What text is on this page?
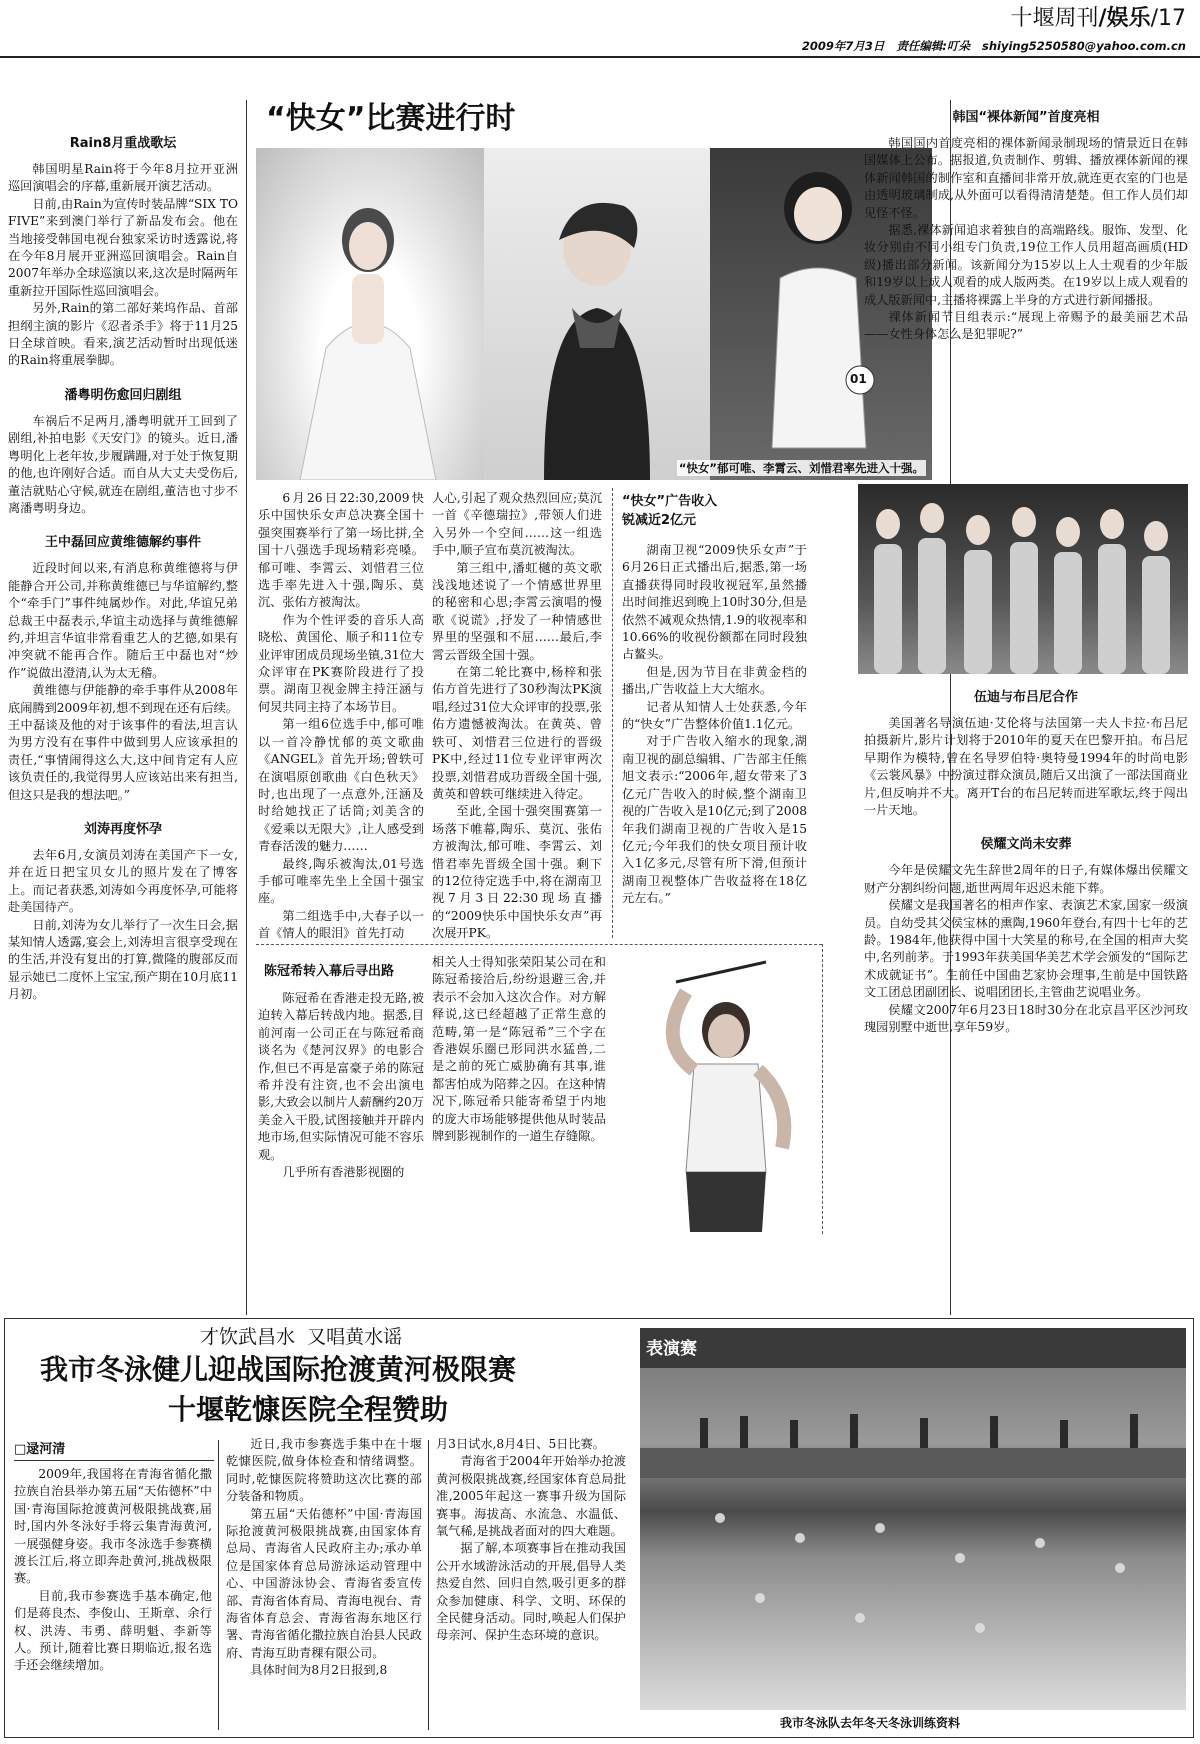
十堰周刊/娱乐/17
2009年7月3日 责任编辑:叮朵 shiying5250580@yahoo.com.cn
Rain8月重战歌坛

韩国明星Rain将于今年8月拉开亚洲巡回演唱会的序幕,重新展开演艺活动。

日前,由Rain为宣传时装品牌“SIX TO FIVE”来到澳门举行了新品发布会。他在当地接受韩国电视台独家采访时透露说,将在今年8月展开亚洲巡回演唱会。Rain自2007年举办全球巡演以来,这次是时隔两年重新拉开国际性巡回演唱会。

另外,Rain的第二部好莱坞作品、首部担纲主演的影片《忍者杀手》将于11月25日全球首映。看来,演艺活动暂时出现低迷的Rain将重展拳脚。

潘粤明伤愈回归剧组

车祸后不足两月,潘粤明就开工回到了剧组,补拍电影《天安门》的镜头。近日,潘粤明化上老年妆,步履蹒跚,对于处于恢复期的他,也许刚好合适。而自从大丈夫受伤后,董洁就贴心守候,就连在剧组,董洁也寸步不离潘粤明身边。

王中磊回应黄维德解约事件

近段时间以来,有消息称黄维德将与伊能静合开公司,并称黄维德已与华谊解约,整个“牵手门”事件纯属炒作。对此,华谊兄弟总裁王中磊表示,华谊主动选择与黄维德解约,并坦言华谊非常看重艺人的艺德,如果有冲突就不能再合作。随后王中磊也对“炒作”说做出澄清,认为太无稽。

黄维德与伊能静的牵手事件从2008年底闹腾到2009年初,想不到现在还有后续。王中磊谈及他的对于该事件的看法,坦言认为男方没有在事件中做到男人应该承担的责任,“事情闹得这么大,这中间肯定有人应该负责任的,我觉得男人应该站出来有担当,但这只是我的想法吧。”

刘涛再度怀孕

去年6月,女演员刘涛在美国产下一女,并在近日把宝贝女儿的照片发在了博客上。而记者获悉,刘涛如今再度怀孕,可能将赴美国待产。

日前,刘涛为女儿举行了一次生日会,据某知情人透露,宴会上,刘涛坦言很享受现在的生活,并没有复出的打算,微隆的腹部反而显示她已二度怀上宝宝,预产期在10月底11月初。

“快女”比赛进行时
01
“快女”郁可唯、李霄云、刘惜君率先进入十强。

6月26日22:30,2009快乐中国快乐女声总决赛全国十强突围赛举行了第一场比拼,全国十八强选手现场精彩亮嗓。郁可唯、李霄云、刘惜君三位选手率先进入十强,陶乐、莫沉、张佑方被淘汰。

作为个性评委的音乐人高晓松、黄国伦、顺子和11位专业评审团成员现场坐镇,31位大众评审在PK赛阶段进行了投票。湖南卫视金牌主持汪涵与何炅共同主持了本场节目。

第一组6位选手中,郁可唯以一首冷静忧郁的英文歌曲《ANGEL》首先开场;曾轶可在演唱原创歌曲《白色秋天》时,也出现了一点意外,汪涵及时给她找正了话筒;刘美含的《爱乘以无限大》,让人感受到青春活泼的魅力……

最终,陶乐被淘汰,01号选手郁可唯率先坐上全国十强宝座。

第二组选手中,大春子以一首《情人的眼泪》首先打动

人心,引起了观众热烈回应;莫沉一首《辛德瑞拉》,带领人们进入另外一个空间……这一组选手中,顺子宣布莫沉被淘汰。

第三组中,潘虹樾的英文歌浅浅地述说了一个情感世界里的秘密和心思;李霄云演唱的慢歌《说谎》,抒发了一种情感世界里的坚强和不屈……最后,李霄云晋级全国十强。

在第二轮比赛中,杨梓和张佑方首先进行了30秒淘汰PK演唱,经过31位大众评审的投票,张佑方遗憾被淘汰。在黄英、曾轶可、刘惜君三位进行的晋级PK中,经过11位专业评审两次投票,刘惜君成功晋级全国十强,黄英和曾轶可继续进入待定。

至此,全国十强突围赛第一场落下帷幕,陶乐、莫沉、张佑方被淘汰,郁可唯、李霄云、刘惜君率先晋级全国十强。剩下的12位待定选手中,将在湖南卫视7月3日22:30现场直播的“2009快乐中国快乐女声”再次展开PK。

“快女”广告收入
锐减近2亿元

湖南卫视“2009快乐女声”于6月26日正式播出后,据悉,第一场直播获得同时段收视冠军,虽然播出时间推迟到晚上10时30分,但是依然不减观众热情,1.9的收视率和10.66%的收视份额都在同时段独占鳌头。

但是,因为节目在非黄金档的播出,广告收益上大大缩水。

记者从知情人士处获悉,今年的“快女”广告整体价值1.1亿元。

对于广告收入缩水的现象,湖南卫视的副总编辑、广告部主任熊旭文表示:“2006年,超女带来了3亿元广告收入的时候,整个湖南卫视的广告收入是10亿元;到了2008年我们湖南卫视的广告收入是15亿元;今年我们的快女项目预计收入1亿多元,尽管有所下滑,但预计湖南卫视整体广告收益将在18亿元左右。”

陈冠希转入幕后寻出路

陈冠希在香港走投无路,被迫转入幕后转战内地。据悉,目前河南一公司正在与陈冠希商谈名为《楚河汉界》的电影合作,但已不再是富豪子弟的陈冠希并没有注资,也不会出演电影,大致会以制片人薪酬约20万美金入干股,试图接触并开辟内地市场,但实际情况可能不容乐观。

几乎所有香港影视圈的

相关人士得知张荣阳某公司在和陈冠希接洽后,纷纷退避三舍,并表示不会加入这次合作。对方解释说,这已经超越了正常生意的范畴,第一是“陈冠希”三个字在香港娱乐圈已形同洪水猛兽,二是之前的死亡威胁确有其事,谁都害怕成为陪葬之囚。在这种情况下,陈冠希只能寄希望于内地的庞大市场能够提供他从时装品牌到影视制作的一道生存缝隙。

韩国“裸体新闻”首度亮相

韩国国内首度亮相的裸体新闻录制现场的情景近日在韩国媒体上公布。据报道,负责制作、剪辑、播放裸体新闻的裸体新闻韩国的制作室和直播间非常开放,就连更衣室的门也是由透明玻璃制成,从外面可以看得清清楚楚。但工作人员们却见怪不怪。

据悉,裸体新闻追求着独自的高端路线。服饰、发型、化妆分别由不同小组专门负责,19位工作人员用超高画质(HD级)播出部分新闻。该新闻分为15岁以上人士观看的少年版和19岁以上成人观看的成人版两类。在19岁以上成人观看的成人版新闻中,主播将裸露上半身的方式进行新闻播报。

裸体新闻节目组表示:“展现上帝赐予的最美丽艺术品——女性身体怎么是犯罪呢?”

伍迪与布吕尼合作

美国著名导演伍迪·艾伦将与法国第一夫人卡拉·布吕尼拍摄新片,影片计划将于2010年的夏天在巴黎开拍。布吕尼早期作为模特,曾在名导罗伯特·奥特曼1994年的时尚电影《云裳风暴》中扮演过群众演员,随后又出演了一部法国商业片,但反响并不大。离开T台的布吕尼转而进军歌坛,终于闯出一片天地。

侯耀文尚未安葬

今年是侯耀文先生辞世2周年的日子,有媒体爆出侯耀文财产分割纠纷问题,逝世两周年迟迟未能下葬。

侯耀文是我国著名的相声作家、表演艺术家,国家一级演员。自幼受其父侯宝林的熏陶,1960年登台,有四十七年的艺龄。1984年,他获得中国十大笑星的称号,在全国的相声大奖中,名列前茅。于1993年获美国华美艺术学会颁发的“国际艺术成就证书”。生前任中国曲艺家协会理事,生前是中国铁路文工团总团副团长、说唱团团长,主管曲艺说唱业务。

侯耀文2007年6月23日18时30分在北京昌平区沙河玫瑰园别墅中逝世,享年59岁。

才饮武昌水  又唱黄水谣
我市冬泳健儿迎战国际抢渡黄河极限赛
十堰乾慷医院全程赞助
□逯河清

2009年,我国将在青海省循化撒拉族自治县举办第五届“天佑德杯”中国·青海国际抢渡黄河极限挑战赛,届时,国内外冬泳好手将云集青海黄河,一展强健身姿。我市冬泳选手参赛横渡长江后,将立即奔赴黄河,挑战极限赛。

目前,我市参赛选手基本确定,他们是蒋良杰、李俊山、王斯章、余行权、洪涛、韦勇、薛明魁、李新等人。预计,随着比赛日期临近,报名选手还会继续增加。

近日,我市参赛选手集中在十堰乾慷医院,做身体检查和情绪调整。同时,乾慷医院将赞助这次比赛的部分装备和物质。

第五届“天佑德杯”中国·青海国际抢渡黄河极限挑战赛,由国家体育总局、青海省人民政府主办;承办单位是国家体育总局游泳运动管理中心、中国游泳协会、青海省委宣传部、青海省体育局、青海电视台、青海省体育总会、青海省海东地区行署、青海省循化撒拉族自治县人民政府、青海互助青稞有限公司。

具体时间为8月2日报到,8

月3日试水,8月4日、5日比赛。

青海省于2004年开始举办抢渡黄河极限挑战赛,经国家体育总局批准,2005年起这一赛事升级为国际赛事。海拔高、水流急、水温低、氧气稀,是挑战者面对的四大难题。

据了解,本项赛事旨在推动我国公开水域游泳活动的开展,倡导人类热爱自然、回归自然,吸引更多的群众参加健康、科学、文明、环保的全民健身活动。同时,唤起人们保护母亲河、保护生态环境的意识。

表演赛
我市冬泳队去年冬天冬泳训练资料
